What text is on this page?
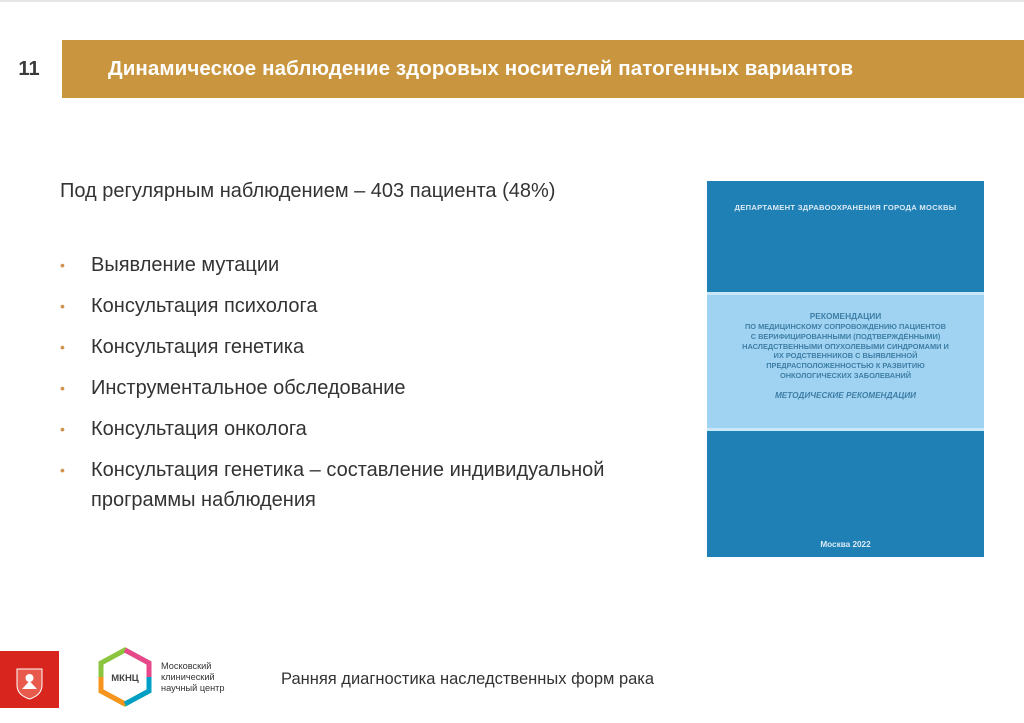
11	Динамическое наблюдение здоровых носителей патогенных вариантов
Под регулярным наблюдением – 403 пациента (48%)
• Выявление мутации
• Консультация психолога
• Консультация генетика
• Инструментальное обследование
• Консультация онколога
• Консультация генетика – составление индивидуальной программы наблюдения
ДЕПАРТАМЕНТ ЗДРАВООХРАНЕНИЯ ГОРОДА МОСКВЫ
РЕКОМЕНДАЦИИ
ПО МЕДИЦИНСКОМУ СОПРОВОЖДЕНИЮ ПАЦИЕНТОВ
С ВЕРИФИЦИРОВАННЫМИ (ПОДТВЕРЖДЁННЫМИ)
НАСЛЕДСТВЕННЫМИ ОПУХОЛЕВЫМИ СИНДРОМАМИ И
ИХ РОДСТВЕННИКОВ С ВЫЯВЛЕННОЙ
ПРЕДРАСПОЛОЖЕННОСТЬЮ К РАЗВИТИЮ
ОНКОЛОГИЧЕСКИХ ЗАБОЛЕВАНИЙ
МЕТОДИЧЕСКИЕ РЕКОМЕНДАЦИИ
Москва 2022
МКНЦ
Московский
клинический
научный центр	Ранняя диагностика наследственных форм рака
